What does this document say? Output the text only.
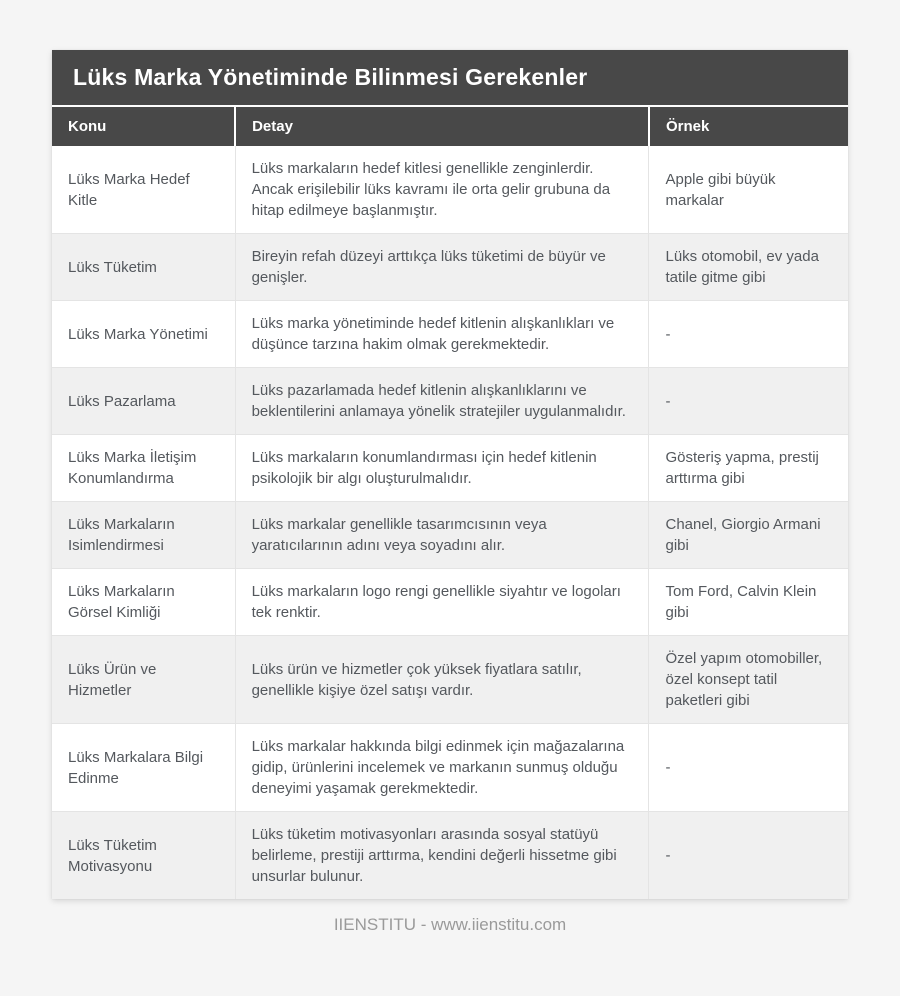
Lüks Marka Yönetiminde Bilinmesi Gerekenler
Konu	Detay	Örnek
Lüks Marka Hedef Kitle	Lüks markaların hedef kitlesi genellikle zenginlerdir. Ancak erişilebilir lüks kavramı ile orta gelir grubuna da hitap edilmeye başlanmıştır.	Apple gibi büyük markalar
Lüks Tüketim	Bireyin refah düzeyi arttıkça lüks tüketimi de büyür ve genişler.	Lüks otomobil, ev yada tatile gitme gibi
Lüks Marka Yönetimi	Lüks marka yönetiminde hedef kitlenin alışkanlıkları ve düşünce tarzına hakim olmak gerekmektedir.	-
Lüks Pazarlama	Lüks pazarlamada hedef kitlenin alışkanlıklarını ve beklentilerini anlamaya yönelik stratejiler uygulanmalıdır.	-
Lüks Marka İletişim Konumlandırma	Lüks markaların konumlandırması için hedef kitlenin psikolojik bir algı oluşturulmalıdır.	Gösteriş yapma, prestij arttırma gibi
Lüks Markaların Isimlendirmesi	Lüks markalar genellikle tasarımcısının veya yaratıcılarının adını veya soyadını alır.	Chanel, Giorgio Armani gibi
Lüks Markaların Görsel Kimliği	Lüks markaların logo rengi genellikle siyahtır ve logoları tek renktir.	Tom Ford, Calvin Klein gibi
Lüks Ürün ve Hizmetler	Lüks ürün ve hizmetler çok yüksek fiyatlara satılır, genellikle kişiye özel satışı vardır.	Özel yapım otomobiller, özel konsept tatil paketleri gibi
Lüks Markalara Bilgi Edinme	Lüks markalar hakkında bilgi edinmek için mağazalarına gidip, ürünlerini incelemek ve markanın sunmuş olduğu deneyimi yaşamak gerekmektedir.	-
Lüks Tüketim Motivasyonu	Lüks tüketim motivasyonları arasında sosyal statüyü belirleme, prestiji arttırma, kendini değerli hissetme gibi unsurlar bulunur.	-
IIENSTITU - www.iienstitu.com
